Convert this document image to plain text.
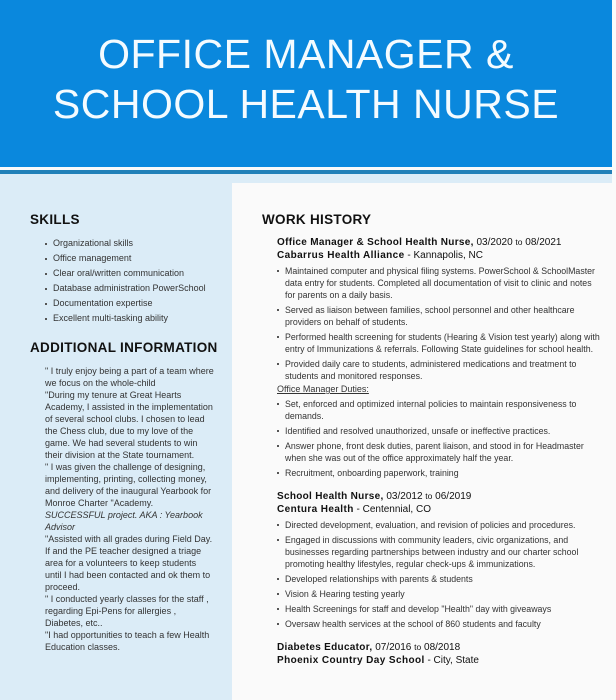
OFFICE MANAGER &
SCHOOL HEALTH NURSE
SKILLS
Organizational skills
Office management
Clear oral/written communication
Database administration PowerSchool
Documentation expertise
Excellent multi-tasking ability
ADDITIONAL INFORMATION
" I truly enjoy being a part of a team where we focus on the whole-child
"During my tenure at Great Hearts Academy, I assisted in the implementation of several school clubs. I chosen to lead the Chess club, due to my love of the game. We had several students to win their division at the State tournament.
" I was given the challenge of designing, implementing, printing, collecting money, and delivery of the inaugural Yearbook for Monroe Charter "Academy. SUCCESSFUL project. AKA : Yearbook Advisor
"Assisted with all grades during Field Day. If and the PE teacher designed a triage area for a volunteers to keep students until I had been contacted and ok them to proceed.
" I conducted yearly classes for the staff , regarding Epi-Pens for allergies , Diabetes, etc..
"I had opportunities to teach a few Health Education classes.
WORK HISTORY
Office Manager & School Health Nurse, 03/2020 to 08/2021
Cabarrus Health Alliance - Kannapolis, NC
Maintained computer and physical filing systems. PowerSchool & SchoolMaster data entry for students. Completed all documentation of visit to clinic and notes for parents on a daily basis.
Served as liaison between families, school personnel and other healthcare providers on behalf of students.
Performed health screening for students (Hearing & Vision test yearly) along with entry of Immunizations & referrals. Following State guidelines for school health.
Provided daily care to students, administered medications and treatment to students and monitored responses.
Office Manager Duties:
Set, enforced and optimized internal policies to maintain responsiveness to demands.
Identified and resolved unauthorized, unsafe or ineffective practices.
Answer phone, front desk duties, parent liaison, and stood in for Headmaster when she was out of the office approximately half the year.
Recruitment, onboarding paperwork, training
School Health Nurse, 03/2012 to 06/2019
Centura Health - Centennial, CO
Directed development, evaluation, and revision of policies and procedures.
Engaged in discussions with community leaders, civic organizations, and businesses regarding partnerships between industry and our charter school promoting healthy lifestyles, regular check-ups & immunizations.
Developed relationships with parents & students
Vision & Hearing testing yearly
Health Screenings for staff and develop "Health" day with giveaways
Oversaw health services at the school of 860 students and faculty
Diabetes Educator, 07/2016 to 08/2018
Phoenix Country Day School - City, State
